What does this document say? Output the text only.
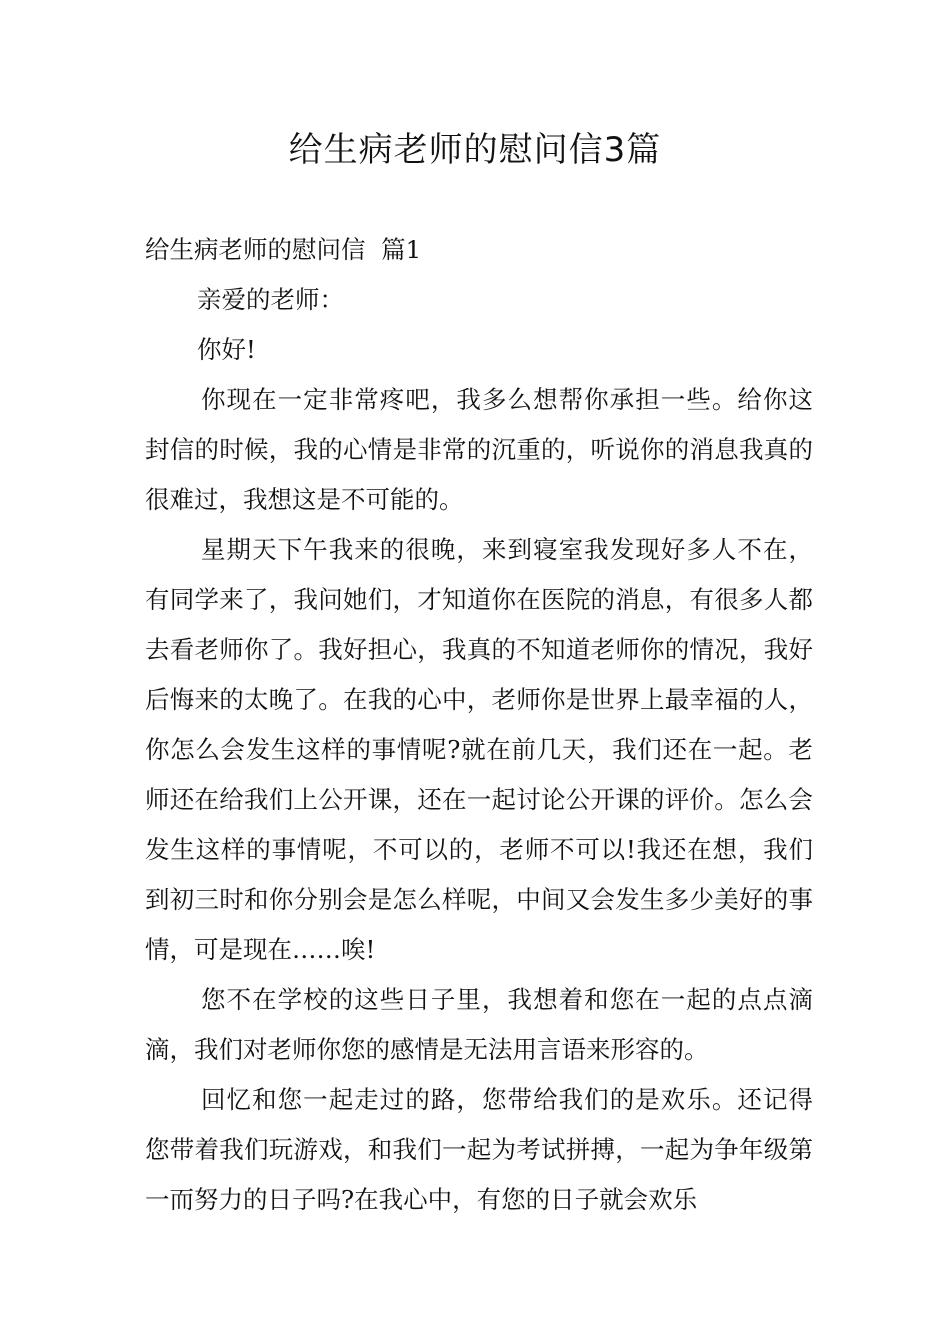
给生病老师的慰问信3篇

给生病老师的慰问信  篇1

亲爱的老师：

你好!

你现在一定非常疼吧，我多么想帮你承担一些。给你这封信的时候，我的心情是非常的沉重的，听说你的消息我真的很难过，我想这是不可能的。

星期天下午我来的很晚，来到寝室我发现好多人不在，有同学来了，我问她们，才知道你在医院的消息，有很多人都去看老师你了。我好担心，我真的不知道老师你的情况，我好后悔来的太晚了。在我的心中，老师你是世界上最幸福的人，你怎么会发生这样的事情呢?就在前几天，我们还在一起。老师还在给我们上公开课，还在一起讨论公开课的评价。怎么会发生这样的事情呢，不可以的，老师不可以!我还在想，我们到初三时和你分别会是怎么样呢，中间又会发生多少美好的事情，可是现在……唉!

您不在学校的这些日子里，我想着和您在一起的点点滴滴，我们对老师你您的感情是无法用言语来形容的。

回忆和您一起走过的路，您带给我们的是欢乐。还记得您带着我们玩游戏，和我们一起为考试拼搏，一起为争年级第一而努力的日子吗?在我心中，有您的日子就会欢乐
